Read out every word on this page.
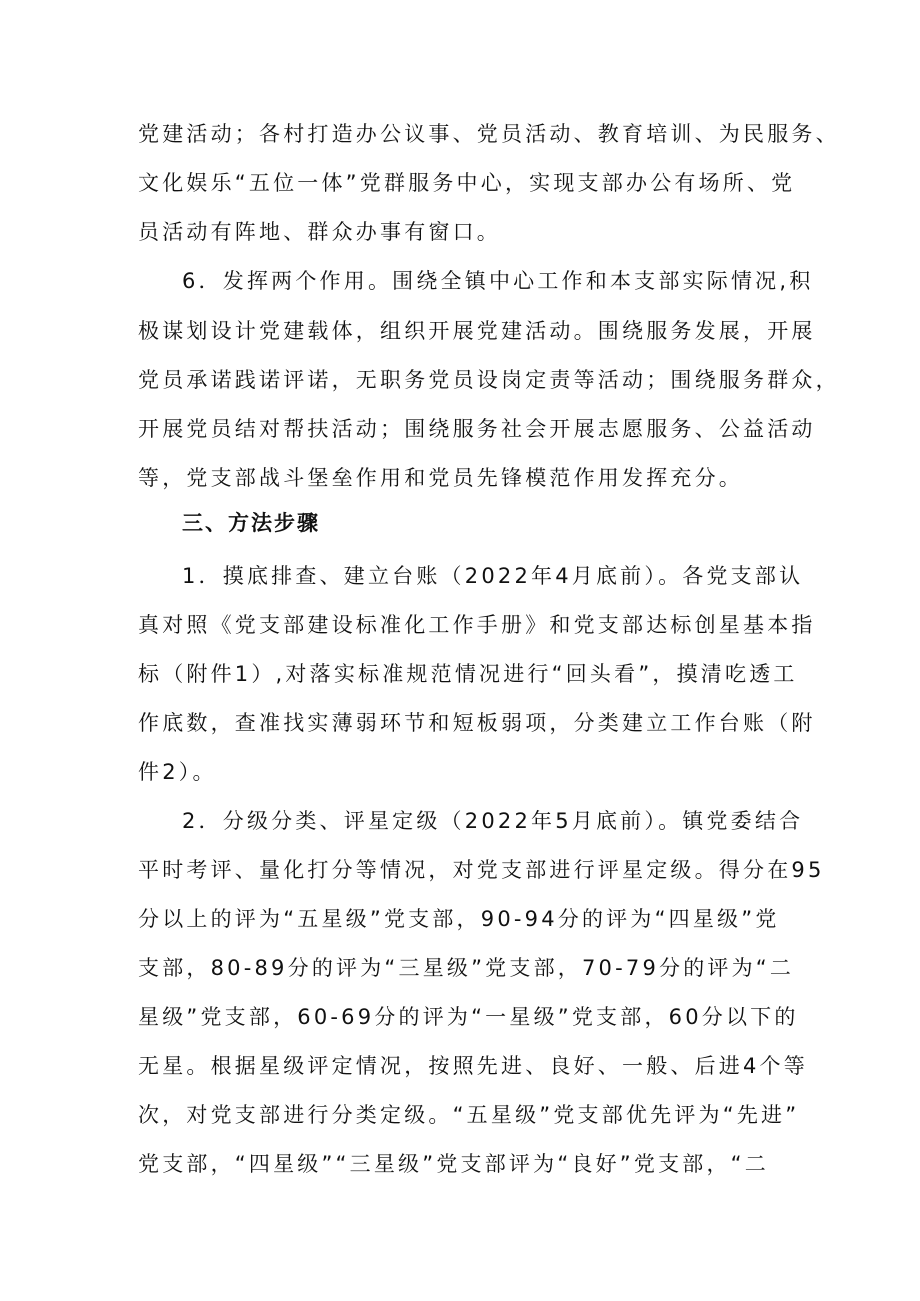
党建活动；各村打造办公议事、党员活动、教育培训、为民服务、
文化娱乐“五位一体”党群服务中心，实现支部办公有场所、党
员活动有阵地、群众办事有窗口。
6．发挥两个作用。围绕全镇中心工作和本支部实际情况,积
极谋划设计党建载体，组织开展党建活动。围绕服务发展，开展
党员承诺践诺评诺，无职务党员设岗定责等活动；围绕服务群众，
开展党员结对帮扶活动；围绕服务社会开展志愿服务、公益活动
等，党支部战斗堡垒作用和党员先锋模范作用发挥充分。
三、方法步骤
1．摸底排查、建立台账（2022年4月底前）。各党支部认
真对照《党支部建设标准化工作手册》和党支部达标创星基本指
标（附件1）,对落实标准规范情况进行“回头看”，摸清吃透工
作底数，查准找实薄弱环节和短板弱项，分类建立工作台账（附
件2）。
2．分级分类、评星定级（2022年5月底前）。镇党委结合
平时考评、量化打分等情况，对党支部进行评星定级。得分在95
分以上的评为“五星级”党支部，90-94分的评为“四星级”党
支部，80-89分的评为“三星级”党支部，70-79分的评为“二
星级”党支部，60-69分的评为“一星级”党支部，60分以下的
无星。根据星级评定情况，按照先进、良好、一般、后进4个等
次，对党支部进行分类定级。“五星级”党支部优先评为“先进”
党支部，“四星级”“三星级”党支部评为“良好”党支部，“二
